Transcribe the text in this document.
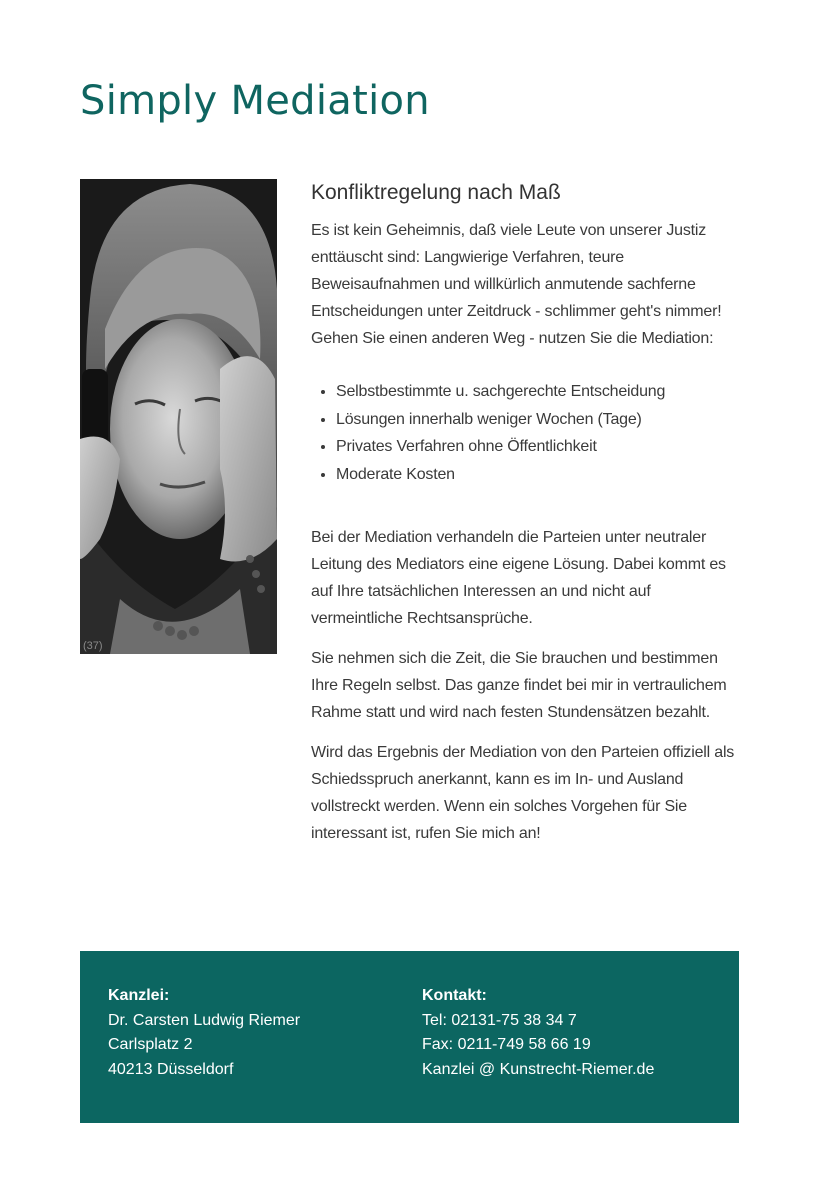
Simply Mediation
(37)
Konfliktregelung nach Maß

Es ist kein Geheimnis, daß viele Leute von unserer Justiz enttäuscht sind: Langwierige Verfahren, teure Beweisaufnahmen und willkürlich anmutende sachferne Entscheidungen unter Zeitdruck - schlimmer geht's nimmer! Gehen Sie einen anderen Weg - nutzen Sie die Mediation:

• Selbstbestimmte u. sachgerechte Entscheidung
• Lösungen innerhalb weniger Wochen (Tage)
• Privates Verfahren ohne Öffentlichkeit
• Moderate Kosten

Bei der Mediation verhandeln die Parteien unter neutraler Leitung des Mediators eine eigene Lösung. Dabei kommt es auf Ihre tatsächlichen Interessen an und nicht auf vermeintliche Rechtsansprüche.

Sie nehmen sich die Zeit, die Sie brauchen und bestimmen Ihre Regeln selbst. Das ganze findet bei mir in vertraulichem Rahme statt und wird nach festen Stundensätzen bezahlt.

Wird das Ergebnis der Mediation von den Parteien offiziell als Schiedsspruch anerkannt, kann es im In- und Ausland vollstreckt werden. Wenn ein solches Vorgehen für Sie interessant ist, rufen Sie mich an!

Kanzlei:
Dr. Carsten Ludwig Riemer
Carlsplatz 2
40213 Düsseldorf
Kontakt:
Tel: 02131-75 38 34 7
Fax: 0211-749 58 66 19
Kanzlei @ Kunstrecht-Riemer.de
